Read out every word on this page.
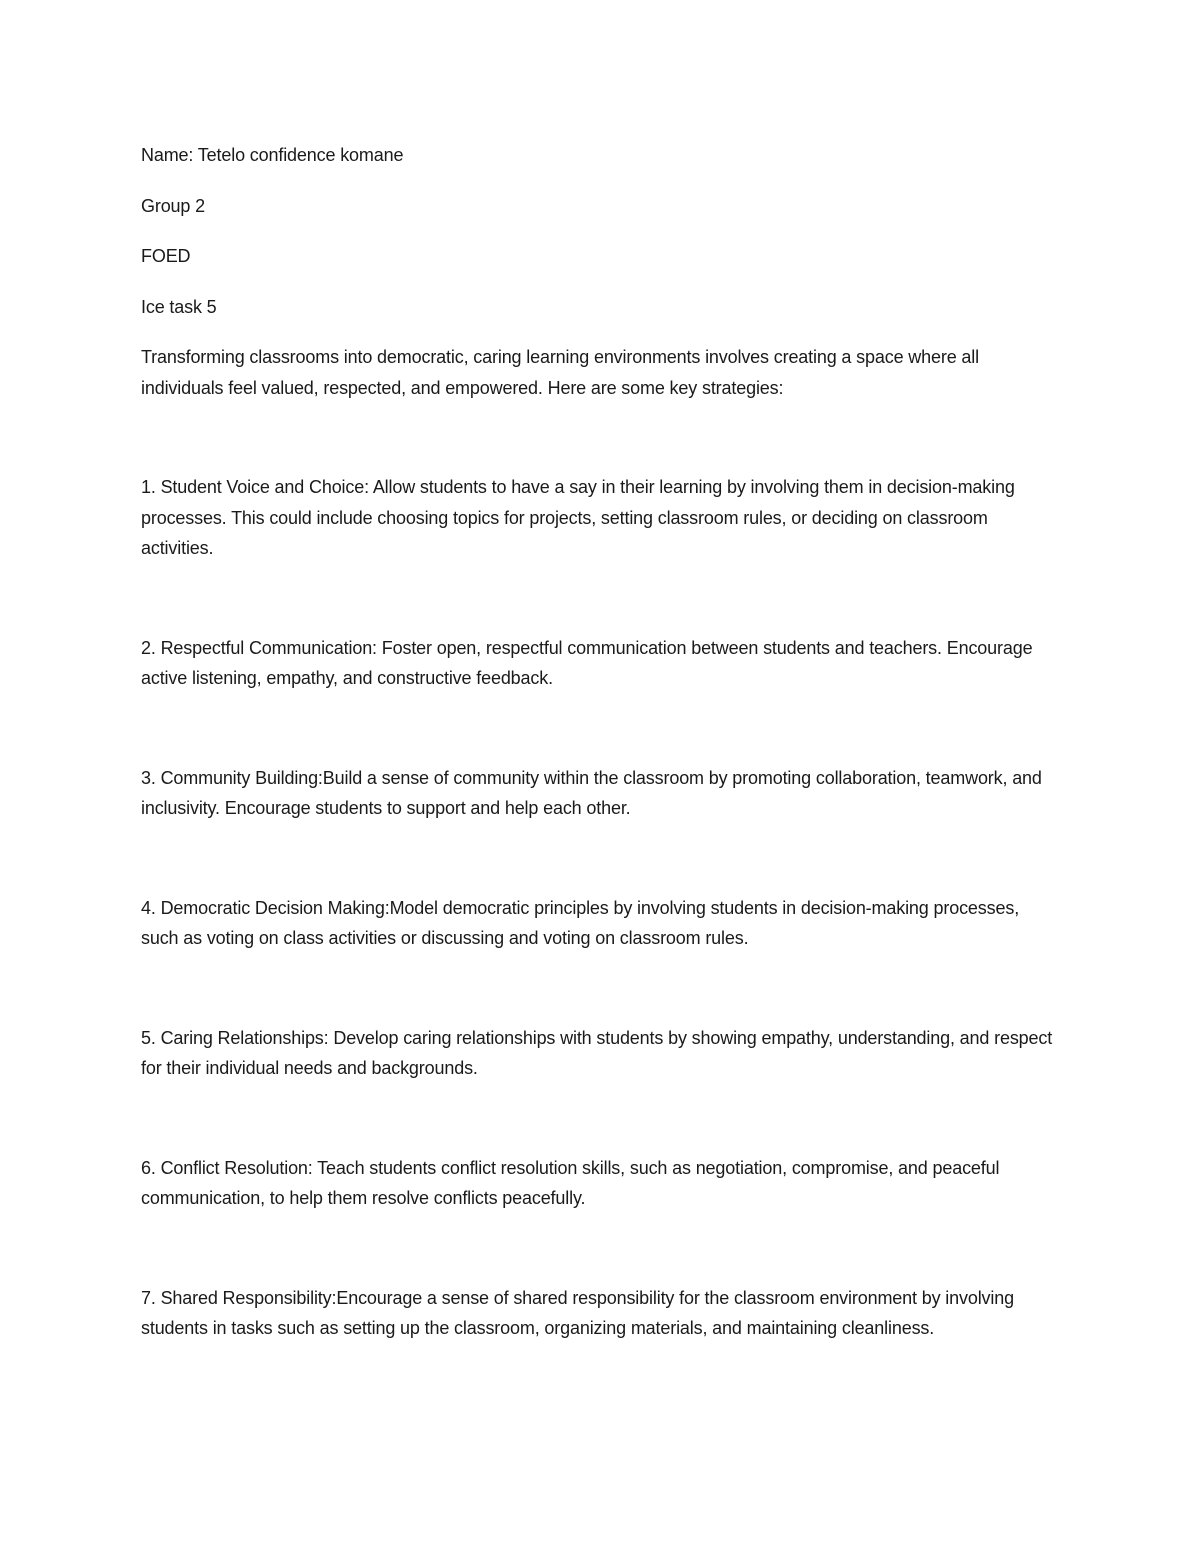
Name: Tetelo confidence komane

Group 2

FOED

Ice task 5

Transforming classrooms into democratic, caring learning environments involves creating a space where all individuals feel valued, respected, and empowered. Here are some key strategies:

1. Student Voice and Choice: Allow students to have a say in their learning by involving them in decision-making processes. This could include choosing topics for projects, setting classroom rules, or deciding on classroom activities.

2. Respectful Communication: Foster open, respectful communication between students and teachers. Encourage active listening, empathy, and constructive feedback.

3. Community Building:Build a sense of community within the classroom by promoting collaboration, teamwork, and inclusivity. Encourage students to support and help each other.

4. Democratic Decision Making:Model democratic principles by involving students in decision-making processes, such as voting on class activities or discussing and voting on classroom rules.

5. Caring Relationships: Develop caring relationships with students by showing empathy, understanding, and respect for their individual needs and backgrounds.

6. Conflict Resolution: Teach students conflict resolution skills, such as negotiation, compromise, and peaceful communication, to help them resolve conflicts peacefully.

7. Shared Responsibility:Encourage a sense of shared responsibility for the classroom environment by involving students in tasks such as setting up the classroom, organizing materials, and maintaining cleanliness.
